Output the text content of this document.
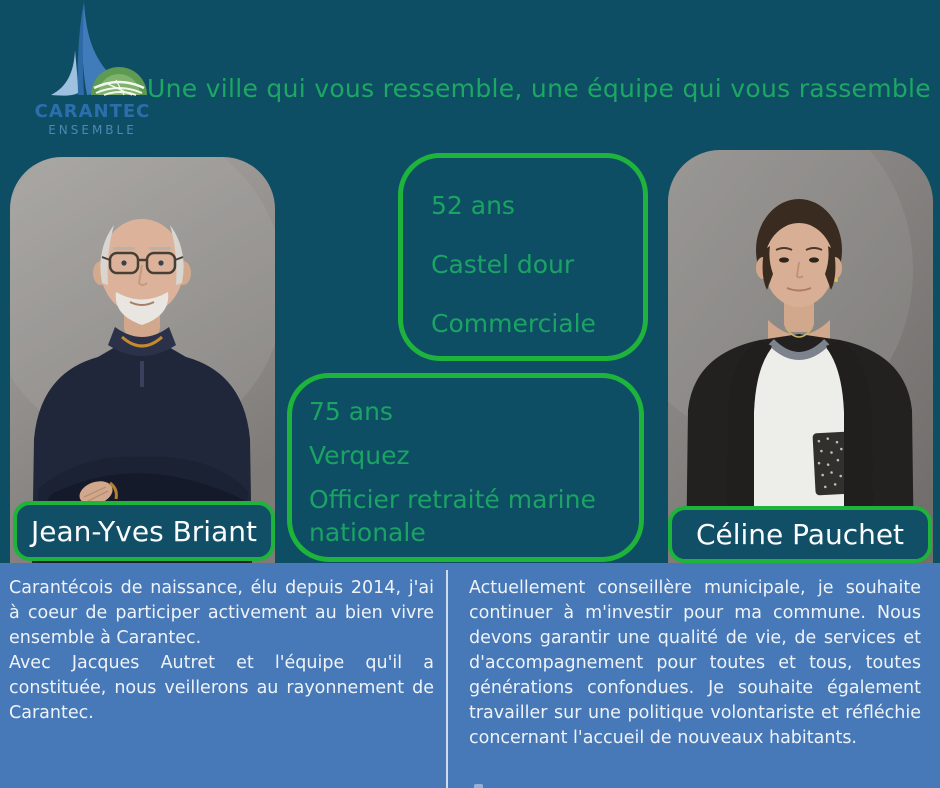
CARANTEC
ENSEMBLE
Une ville qui vous ressemble, une équipe qui vous rassemble
52 ans
Castel dour
Commerciale
75 ans
Verquez
Officier retraité marine nationale
Jean-Yves Briant	Céline Pauchet

Carantécois de naissance, élu depuis 2014, j'ai à coeur de participer activement au bien vivre ensemble à Carantec.

Avec Jacques Autret et l'équipe qu'il a constituée, nous veillerons au rayonnement de Carantec.

Actuellement conseillère municipale, je souhaite continuer à m'investir pour ma commune. Nous devons garantir une qualité de vie, de services et d'accompagnement pour toutes et tous, toutes générations confondues. Je souhaite également travailler sur une politique volontariste et réfléchie concernant l'accueil de nouveaux habitants.
